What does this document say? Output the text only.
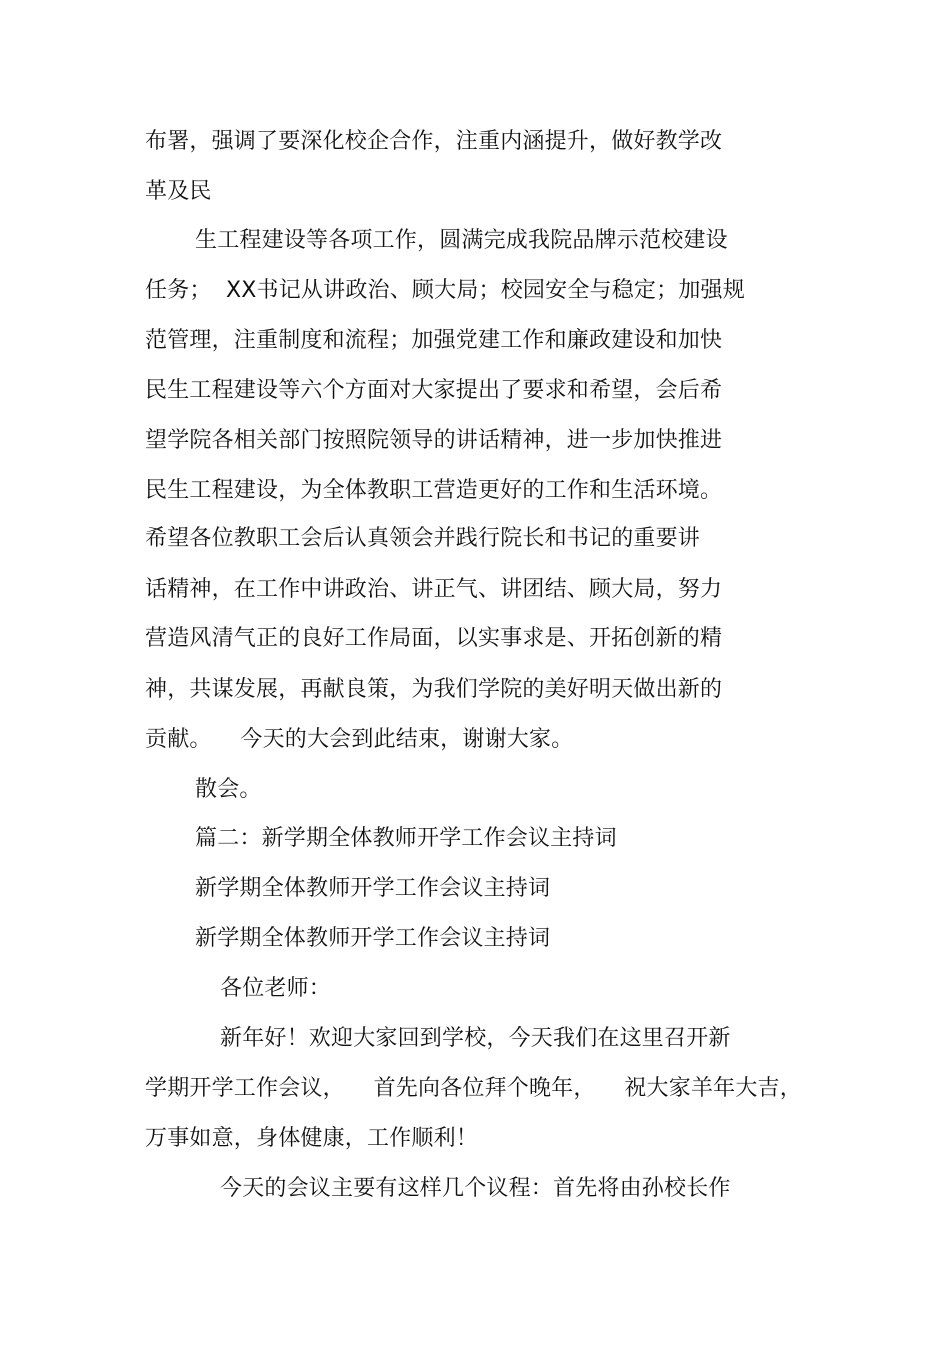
布署，强调了要深化校企合作，注重内涵提升，做好教学改
革及民
生工程建设等各项工作，圆满完成我院品牌示范校建设
任务；  XX书记从讲政治、顾大局；校园安全与稳定；加强规
范管理，注重制度和流程；加强党建工作和廉政建设和加快
民生工程建设等六个方面对大家提出了要求和希望，会后希
望学院各相关部门按照院领导的讲话精神，进一步加快推进
民生工程建设，为全体教职工营造更好的工作和生活环境。
希望各位教职工会后认真领会并践行院长和书记的重要讲
话精神，在工作中讲政治、讲正气、讲团结、顾大局，努力
营造风清气正的良好工作局面，以实事求是、开拓创新的精
神，共谋发展，再献良策，为我们学院的美好明天做出新的
贡献。    今天的大会到此结束，谢谢大家。
散会。
篇二：新学期全体教师开学工作会议主持词
新学期全体教师开学工作会议主持词
新学期全体教师开学工作会议主持词
各位老师：
新年好！欢迎大家回到学校，今天我们在这里召开新
学期开学工作会议，    首先向各位拜个晚年，    祝大家羊年大吉，
万事如意，身体健康，工作顺利！
今天的会议主要有这样几个议程：首先将由孙校长作
